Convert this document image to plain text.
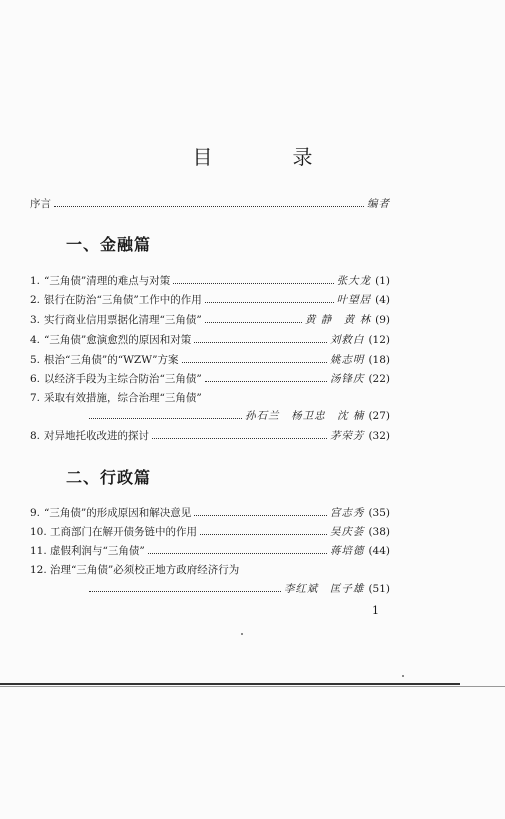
目　录
序言	编者
一、金融篇
1. “三角债”清理的难点与对策	张大龙 (1)
2. 银行在防治“三角债”工作中的作用	叶望居 (4)
3. 实行商业信用票据化清理“三角债”	黄 静　黄 林 (9)
4. “三角债”愈演愈烈的原因和对策	刘救白 (12)
5. 根治“三角债”的“WZW”方案	姚志明 (18)
6. 以经济手段为主综合防治“三角债”	汤锋庆 (22)
7. 采取有效措施，综合治理“三角债”
孙石兰　杨卫忠　沈 楠 (27)
8. 对异地托收改进的探讨	茅荣芳 (32)
二、行政篇
9. “三角债”的形成原因和解决意见	宫志秀 (35)
10. 工商部门在解开债务链中的作用	吴庆荟 (38)
11. 虚假利润与“三角债”	蒋培德 (44)
12. 治理“三角债”必须校正地方政府经济行为
李红斌　匡子雄 (51)
1
